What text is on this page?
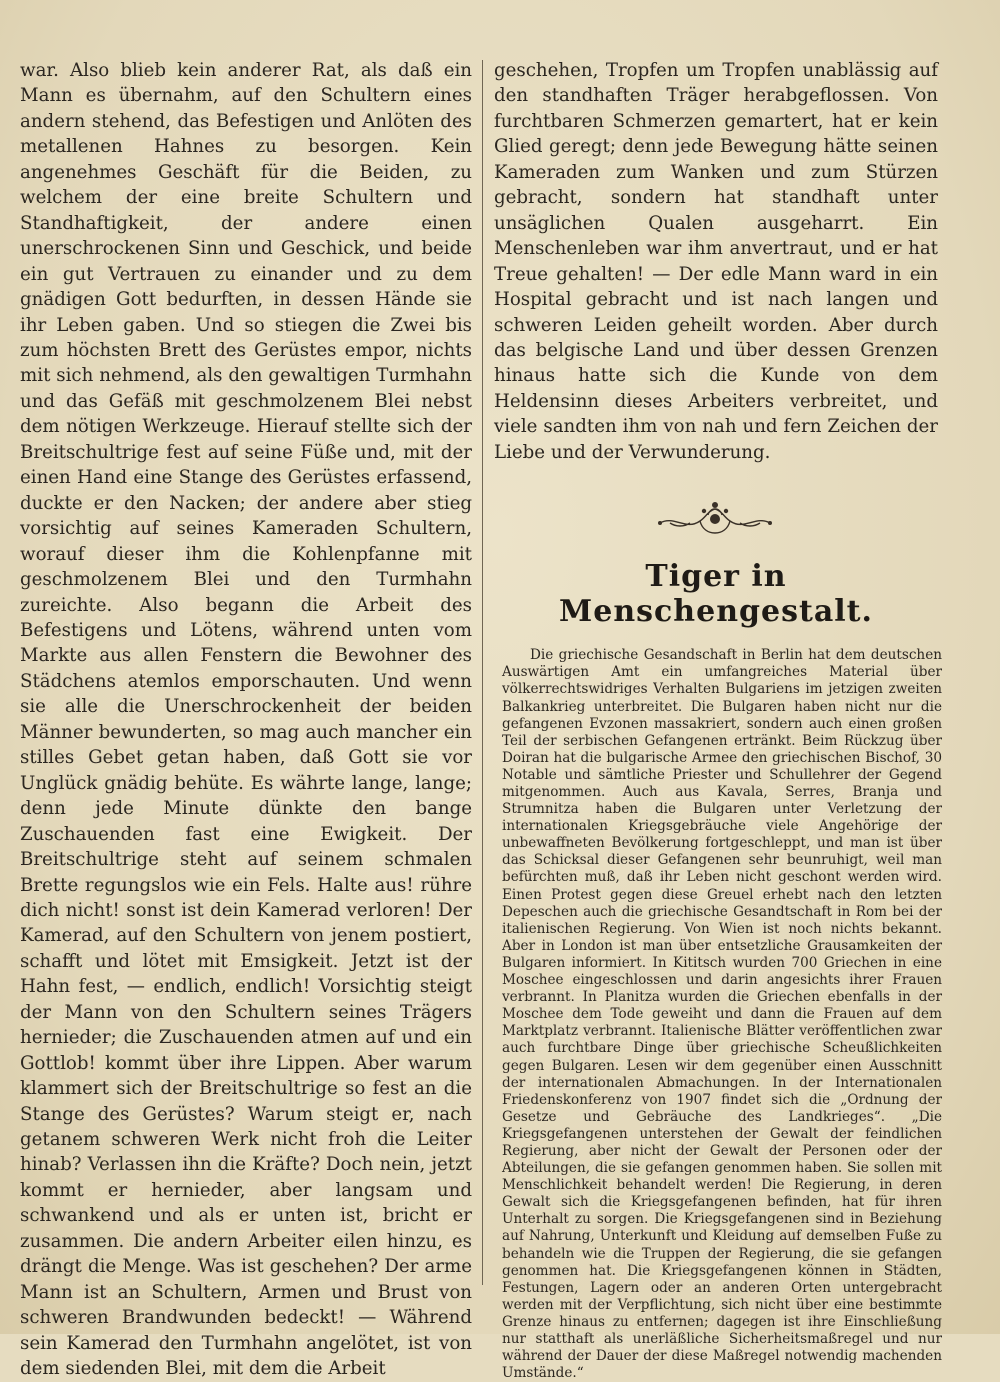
war. Also blieb kein anderer Rat, als daß ein Mann es übernahm, auf den Schultern eines andern stehend, das Befestigen und Anlöten des metallenen Hahnes zu besorgen. Kein angenehmes Geschäft für die Beiden, zu welchem der eine breite Schultern und Standhaftigkeit, der andere einen unerschrockenen Sinn und Geschick, und beide ein gut Vertrauen zu einander und zu dem gnädigen Gott bedurften, in dessen Hände sie ihr Leben gaben. Und so stiegen die Zwei bis zum höchsten Brett des Gerüstes empor, nichts mit sich nehmend, als den gewaltigen Turmhahn und das Gefäß mit geschmolzenem Blei nebst dem nötigen Werkzeuge. Hierauf stellte sich der Breitschultrige fest auf seine Füße und, mit der einen Hand eine Stange des Gerüstes erfassend, duckte er den Nacken; der andere aber stieg vorsichtig auf seines Kameraden Schultern, worauf dieser ihm die Kohlenpfanne mit geschmolzenem Blei und den Turmhahn zureichte. Also begann die Arbeit des Befestigens und Lötens, während unten vom Markte aus allen Fenstern die Bewohner des Städchens atemlos emporschauten. Und wenn sie alle die Unerschrockenheit der beiden Männer bewunderten, so mag auch mancher ein stilles Gebet getan haben, daß Gott sie vor Unglück gnädig behüte. Es währte lange, lange; denn jede Minute dünkte den bange Zuschauenden fast eine Ewigkeit. Der Breitschultrige steht auf seinem schmalen Brette regungslos wie ein Fels. Halte aus! rühre dich nicht! sonst ist dein Kamerad verloren! Der Kamerad, auf den Schultern von jenem postiert, schafft und lötet mit Emsigkeit. Jetzt ist der Hahn fest, — endlich, endlich! Vorsichtig steigt der Mann von den Schultern seines Trägers hernieder; die Zuschauenden atmen auf und ein Gottlob! kommt über ihre Lippen. Aber warum klammert sich der Breitschultrige so fest an die Stange des Gerüstes? Warum steigt er, nach getanem schweren Werk nicht froh die Leiter hinab? Verlassen ihn die Kräfte? Doch nein, jetzt kommt er hernieder, aber langsam und schwankend und als er unten ist, bricht er zusammen. Die andern Arbeiter eilen hinzu, es drängt die Menge. Was ist geschehen? Der arme Mann ist an Schultern, Armen und Brust von schweren Brandwunden bedeckt! — Während sein Kamerad den Turmhahn angelötet, ist von dem siedenden Blei, mit dem die Arbeit

geschehen, Tropfen um Tropfen unablässig auf den standhaften Träger herabgeflossen. Von furchtbaren Schmerzen gemartert, hat er kein Glied geregt; denn jede Bewegung hätte seinen Kameraden zum Wanken und zum Stürzen gebracht, sondern hat standhaft unter unsäglichen Qualen ausgeharrt. Ein Menschenleben war ihm anvertraut, und er hat Treue gehalten! — Der edle Mann ward in ein Hospital gebracht und ist nach langen und schweren Leiden geheilt worden. Aber durch das belgische Land und über dessen Grenzen hinaus hatte sich die Kunde von dem Heldensinn dieses Arbeiters verbreitet, und viele sandten ihm von nah und fern Zeichen der Liebe und der Verwunderung.

Tiger in Menschengestalt.

Die griechische Gesandschaft in Berlin hat dem deutschen Auswärtigen Amt ein umfangreiches Material über völkerrechtswidriges Verhalten Bulgariens im jetzigen zweiten Balkankrieg unterbreitet. Die Bulgaren haben nicht nur die gefangenen Evzonen massakriert, sondern auch einen großen Teil der serbischen Gefangenen ertränkt. Beim Rückzug über Doiran hat die bulgarische Armee den griechischen Bischof, 30 Notable und sämtliche Priester und Schullehrer der Gegend mitgenommen. Auch aus Kavala, Serres, Branja und Strumnitza haben die Bulgaren unter Verletzung der internationalen Kriegsgebräuche viele Angehörige der unbewaffneten Bevölkerung fortgeschleppt, und man ist über das Schicksal dieser Gefangenen sehr beunruhigt, weil man befürchten muß, daß ihr Leben nicht geschont werden wird. Einen Protest gegen diese Greuel erhebt nach den letzten Depeschen auch die griechische Gesandtschaft in Rom bei der italienischen Regierung. Von Wien ist noch nichts bekannt. Aber in London ist man über entsetzliche Grausamkeiten der Bulgaren informiert. In Kititsch wurden 700 Griechen in eine Moschee eingeschlossen und darin angesichts ihrer Frauen verbrannt. In Planitza wurden die Griechen ebenfalls in der Moschee dem Tode geweiht und dann die Frauen auf dem Marktplatz verbrannt. Italienische Blätter veröffentlichen zwar auch furchtbare Dinge über griechische Scheußlichkeiten gegen Bulgaren. Lesen wir dem gegenüber einen Ausschnitt der internationalen Abmachungen. In der Internationalen Friedenskonferenz von 1907 findet sich die „Ordnung der Gesetze und Gebräuche des Landkrieges“. „Die Kriegsgefangenen unterstehen der Gewalt der feindlichen Regierung, aber nicht der Gewalt der Personen oder der Abteilungen, die sie gefangen genommen haben. Sie sollen mit Menschlichkeit behandelt werden! Die Regierung, in deren Gewalt sich die Kriegsgefangenen befinden, hat für ihren Unterhalt zu sorgen. Die Kriegsgefangenen sind in Beziehung auf Nahrung, Unterkunft und Kleidung auf demselben Fuße zu behandeln wie die Truppen der Regierung, die sie gefangen genommen hat. Die Kriegsgefangenen können in Städten, Festungen, Lagern oder an anderen Orten untergebracht werden mit der Verpflichtung, sich nicht über eine bestimmte Grenze hinaus zu entfernen; dagegen ist ihre Einschließung nur statthaft als unerläßliche Sicherheitsmaßregel und nur während der Dauer der diese Maßregel notwendig machenden Umstände.“
